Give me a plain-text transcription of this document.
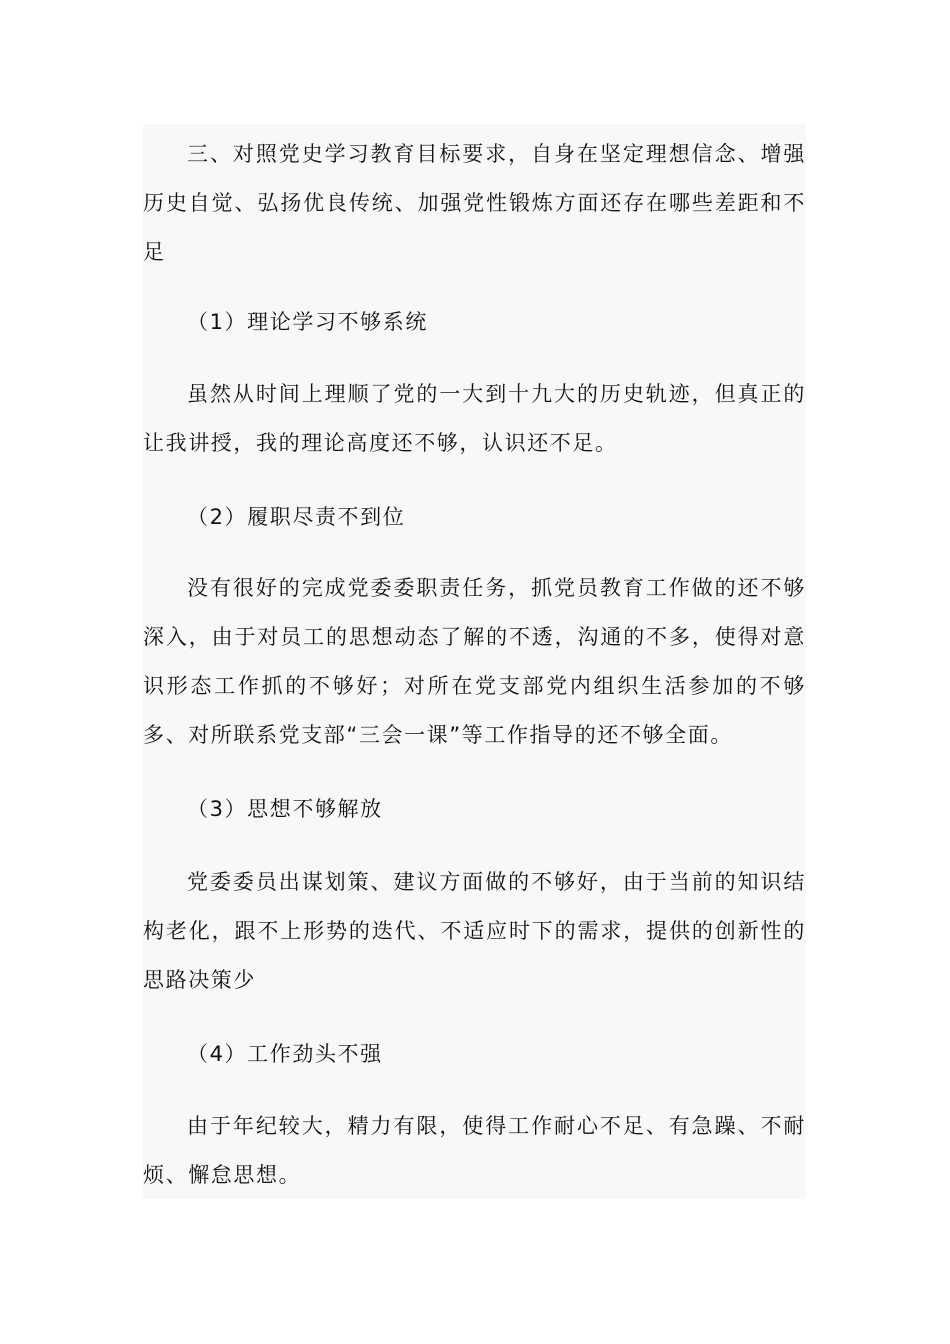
三、对照党史学习教育目标要求，自身在坚定理想信念、增强历史自觉、弘扬优良传统、加强党性锻炼方面还存在哪些差距和不足

（1）理论学习不够系统

虽然从时间上理顺了党的一大到十九大的历史轨迹，但真正的让我讲授，我的理论高度还不够，认识还不足。

（2）履职尽责不到位

没有很好的完成党委委职责任务，抓党员教育工作做的还不够深入，由于对员工的思想动态了解的不透，沟通的不多，使得对意识形态工作抓的不够好；对所在党支部党内组织生活参加的不够多、对所联系党支部“三会一课”等工作指导的还不够全面。

（3）思想不够解放

党委委员出谋划策、建议方面做的不够好，由于当前的知识结构老化，跟不上形势的迭代、不适应时下的需求，提供的创新性的思路决策少

（4）工作劲头不强

由于年纪较大，精力有限，使得工作耐心不足、有急躁、不耐烦、懈怠思想。
